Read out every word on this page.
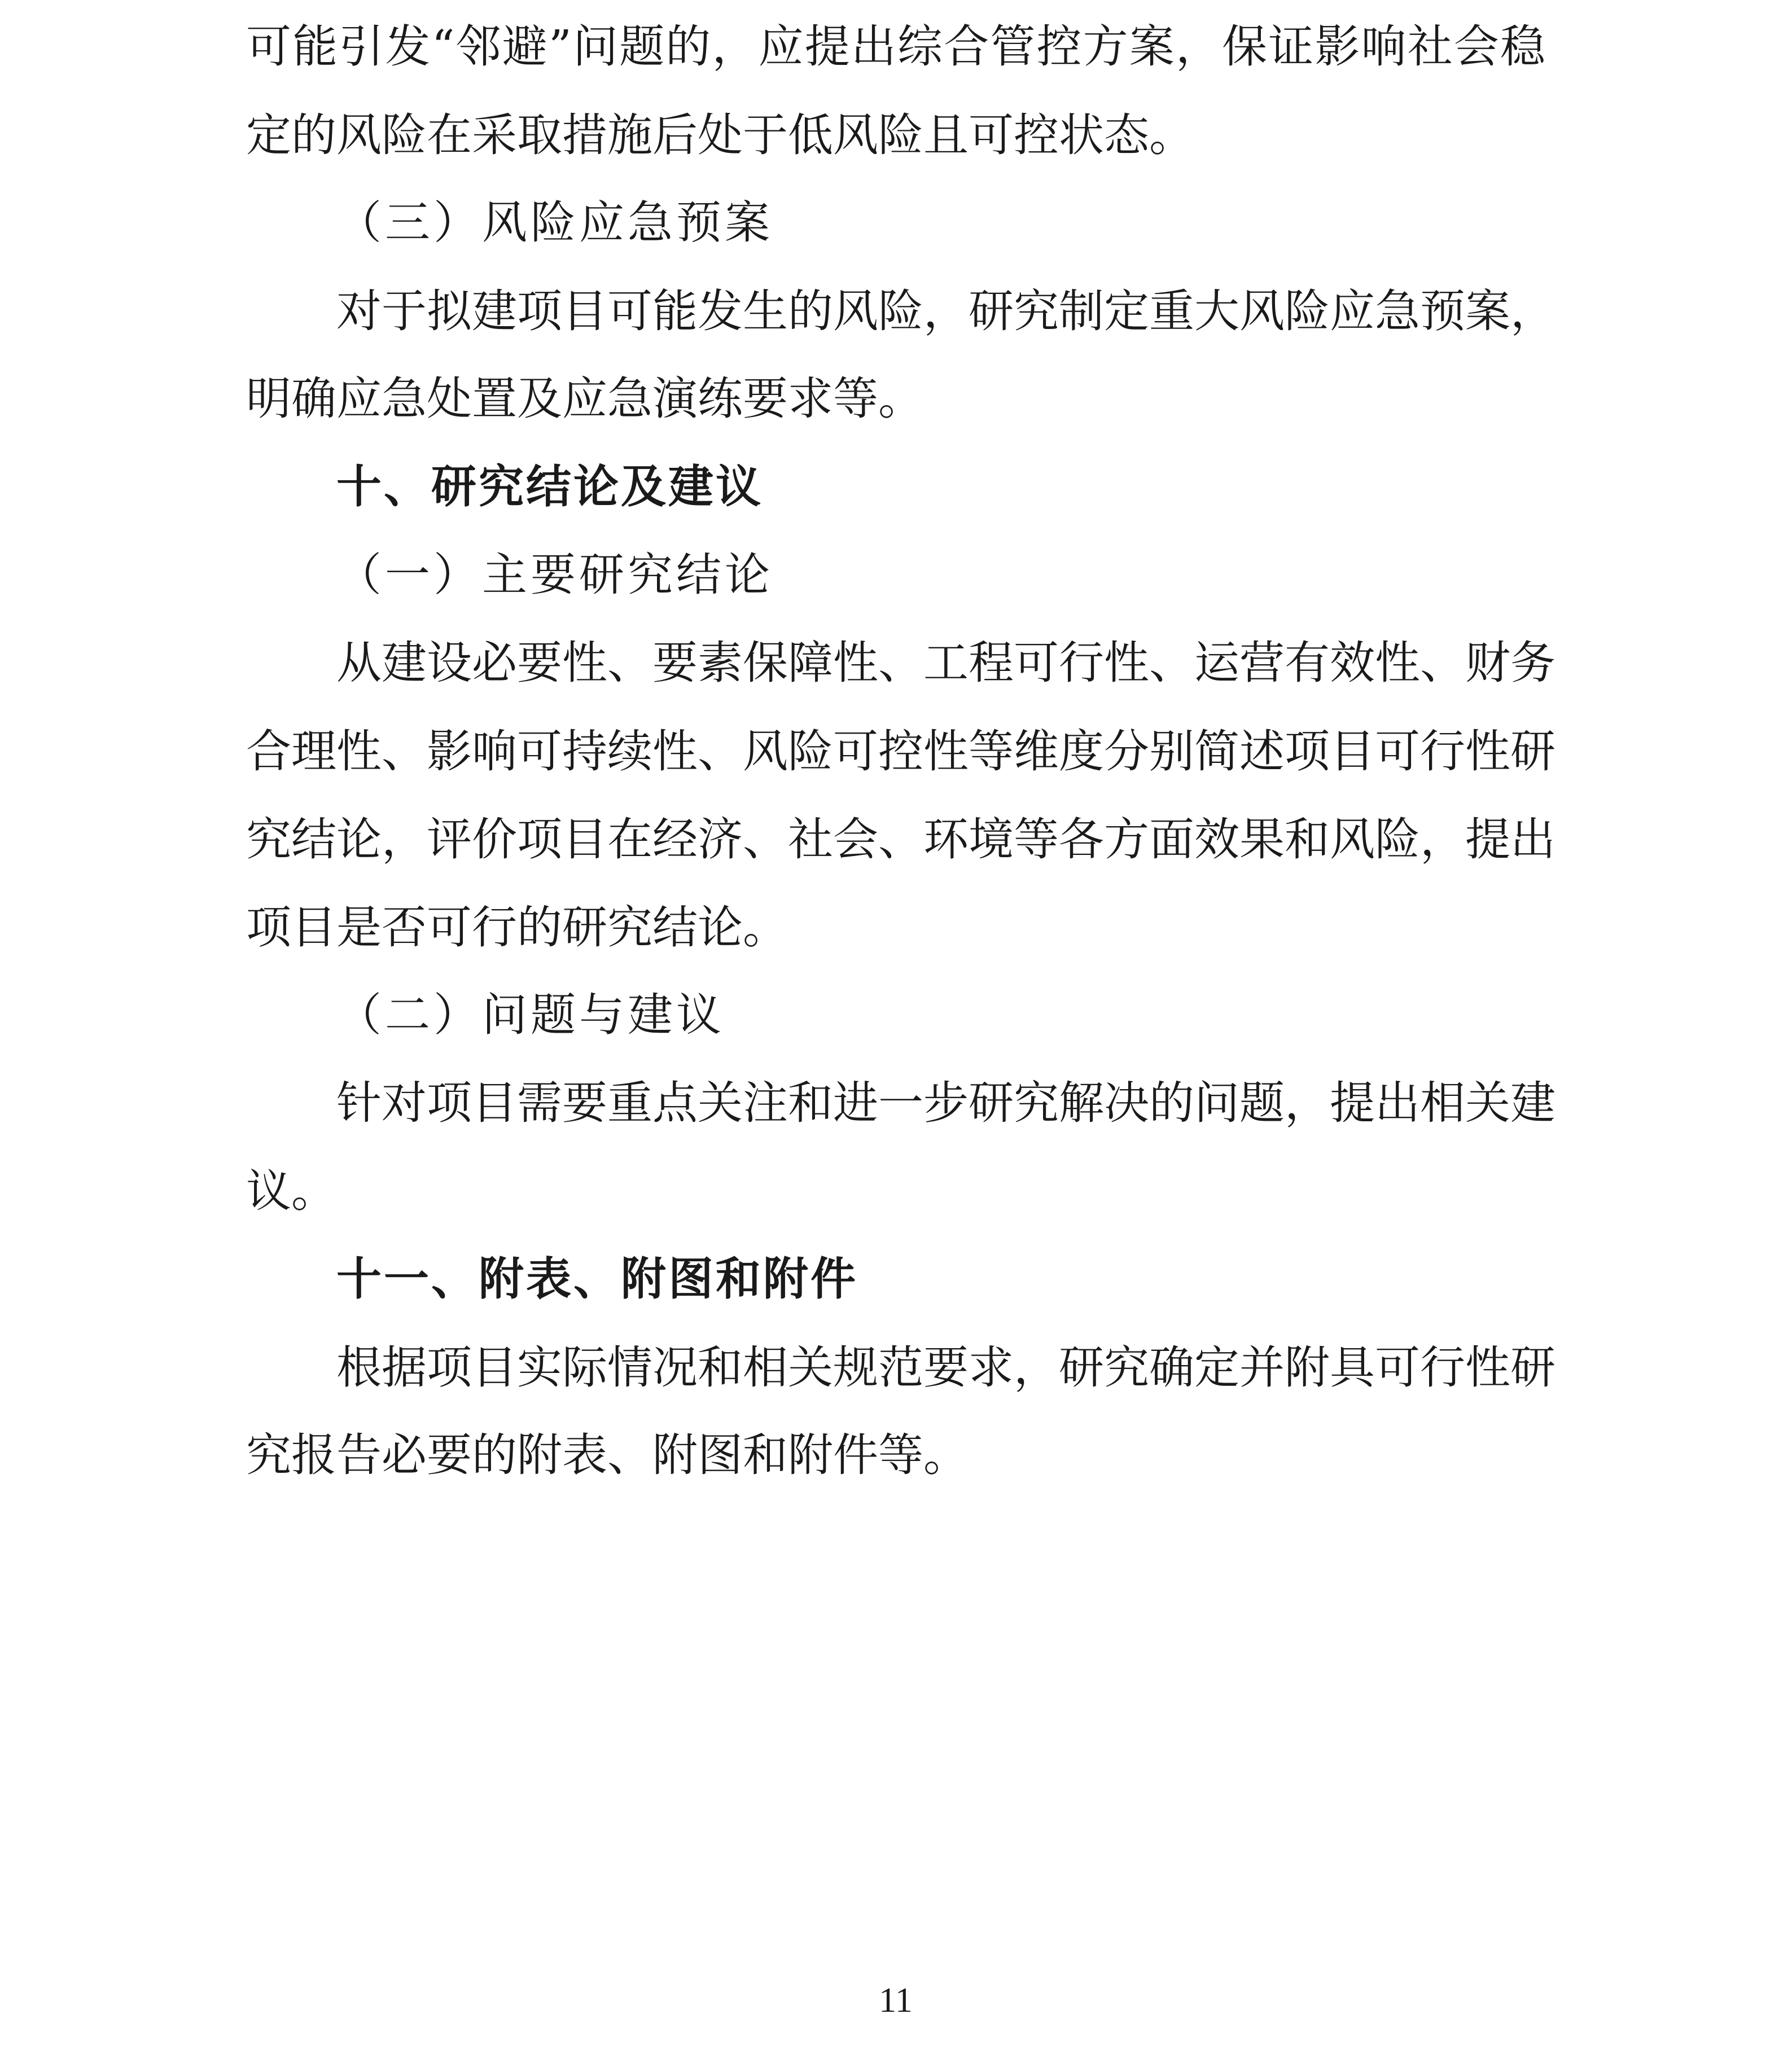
可能引发“邻避”问题的，应提出综合管控方案，保证影响社会稳
定的风险在采取措施后处于低风险且可控状态。
（三）风险应急预案
对于拟建项目可能发生的风险，研究制定重大风险应急预案，
明确应急处置及应急演练要求等。
十、研究结论及建议
（一）主要研究结论
从建设必要性、要素保障性、工程可行性、运营有效性、财务
合理性、影响可持续性、风险可控性等维度分别简述项目可行性研
究结论，评价项目在经济、社会、环境等各方面效果和风险，提出
项目是否可行的研究结论。
（二）问题与建议
针对项目需要重点关注和进一步研究解决的问题，提出相关建
议。
十一、附表、附图和附件
根据项目实际情况和相关规范要求，研究确定并附具可行性研
究报告必要的附表、附图和附件等。
11
